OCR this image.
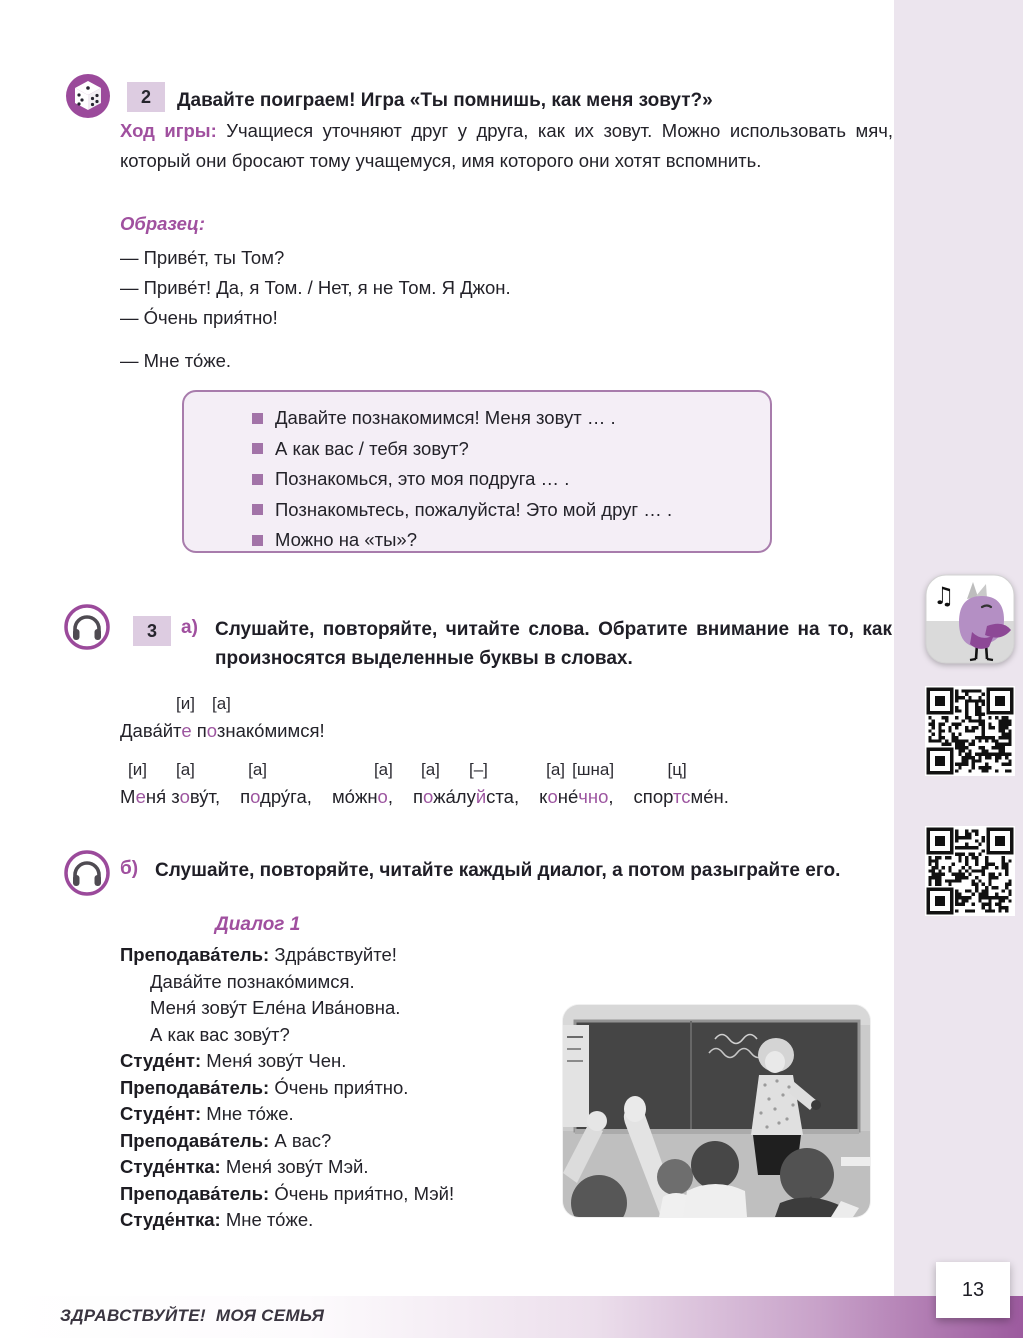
2	Давайте поиграем! Игра «Ты помнишь, как меня зовут?»
Ход игры: Учащиеся уточняют друг у друга, как их зовут. Можно использовать мяч, который они бросают тому учащемуся, имя которого они хотят вспомнить.
Образец:
— Приве́т, ты Том?
— Приве́т! Да, я Том. / Нет, я не Том. Я Джон.
— О́чень прия́тно!
— Мне то́же.
Давайте познакомимся! Меня зовут … .
А как вас / тебя зовут?
Познакомься, это моя подруга … .
Познакомьтесь, пожалуйста! Это мой друг … .
Можно на «ты»?
3	а) Слушайте, повторяйте, читайте слова. Обратите внимание на то, как произносятся выделенные буквы в словах.
[и] [а]
Дава́йте познако́мимся!
[и] [а]
Меня́ зову́т,
[а]
подру́га,
[а]
мо́жно,
[а] [–]
пожа́луйста,
[а] [шна]
коне́чно,
[ц]
спортсме́н.
б) Слушайте, повторяйте, читайте каждый диалог, а потом разыграйте его.
Диалог 1
Преподава́тель: Здра́вствуйте!
Дава́йте познако́мимся.
Меня́ зову́т Еле́на Ива́новна.
А как вас зову́т?
Студе́нт: Меня́ зову́т Чен.
Преподава́тель: О́чень прия́тно.
Студе́нт: Мне то́же.
Преподава́тель: А вас?
Студе́нтка: Меня́ зову́т Мэй.
Преподава́тель: О́чень прия́тно, Мэй!
Студе́нтка: Мне то́же.
♫
ЗДРАВСТВУЙТЕ!  МОЯ СЕМЬЯ
13
